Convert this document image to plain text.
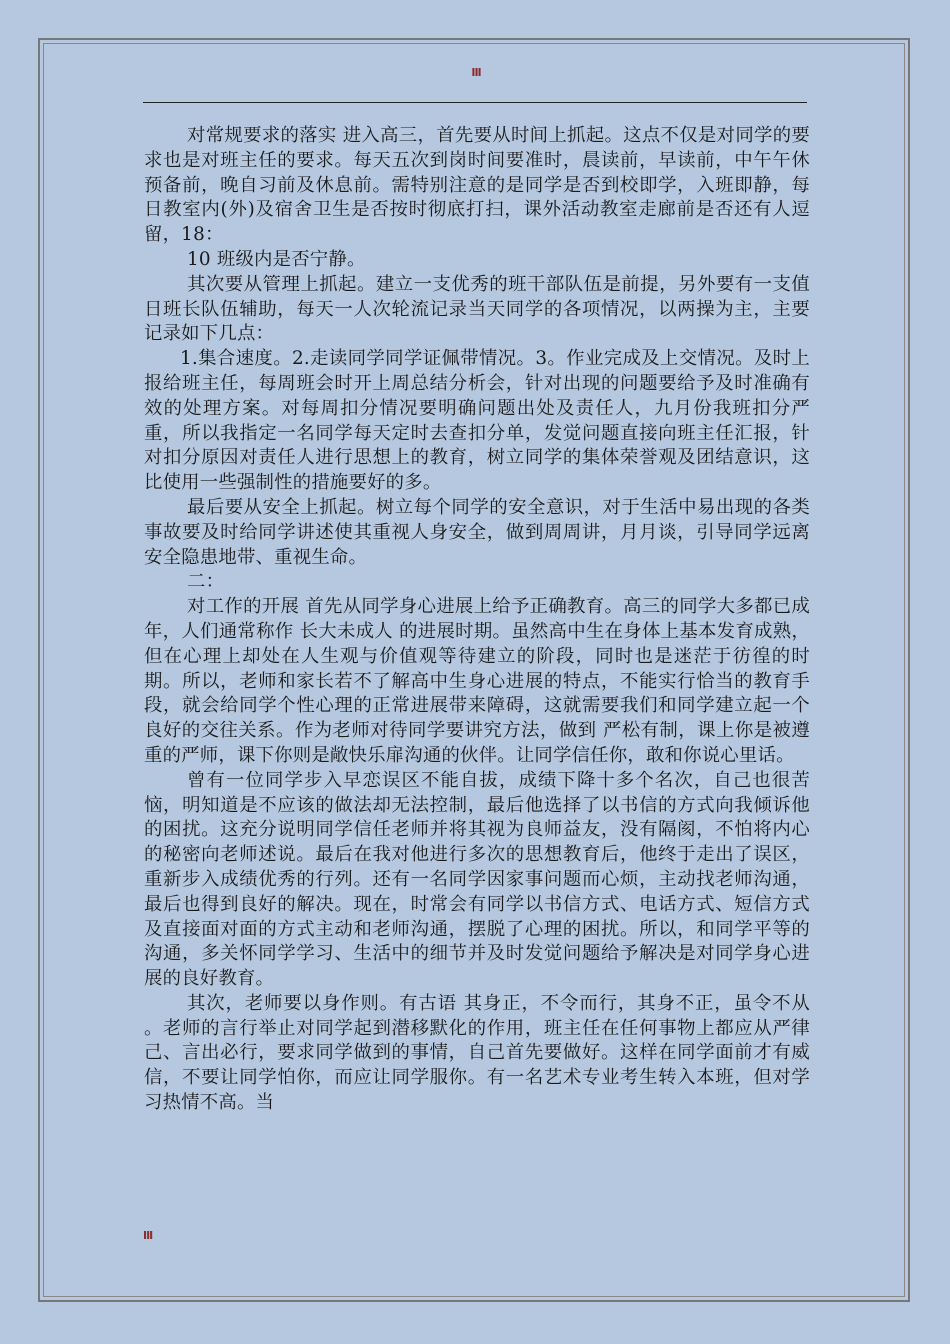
III

对常规要求的落实 进入高三，首先要从时间上抓起。这点不仅是对同学的要求也是对班主任的要求。每天五次到岗时间要准时，晨读前，早读前，中午午休预备前，晚自习前及休息前。需特别注意的是同学是否到校即学，入班即静，每日教室内(外)及宿舍卫生是否按时彻底打扫，课外活动教室走廊前是否还有人逗留，18：

10 班级内是否宁静。

其次要从管理上抓起。建立一支优秀的班干部队伍是前提，另外要有一支值日班长队伍辅助，每天一人次轮流记录当天同学的各项情况，以两操为主，主要记录如下几点：

1.集合速度。2.走读同学同学证佩带情况。3。作业完成及上交情况。及时上报给班主任，每周班会时开上周总结分析会，针对出现的问题要给予及时准确有效的处理方案。对每周扣分情况要明确问题出处及责任人，九月份我班扣分严重，所以我指定一名同学每天定时去查扣分单，发觉问题直接向班主任汇报，针对扣分原因对责任人进行思想上的教育，树立同学的集体荣誉观及团结意识，这比使用一些强制性的措施要好的多。

最后要从安全上抓起。树立每个同学的安全意识，对于生活中易出现的各类事故要及时给同学讲述使其重视人身安全，做到周周讲，月月谈，引导同学远离安全隐患地带、重视生命。

二：

对工作的开展 首先从同学身心进展上给予正确教育。高三的同学大多都已成年，人们通常称作 长大未成人 的进展时期。虽然高中生在身体上基本发育成熟，但在心理上却处在人生观与价值观等待建立的阶段，同时也是迷茫于彷徨的时期。所以，老师和家长若不了解高中生身心进展的特点，不能实行恰当的教育手段，就会给同学个性心理的正常进展带来障碍，这就需要我们和同学建立起一个良好的交往关系。作为老师对待同学要讲究方法，做到 严松有制，课上你是被遵重的严师，课下你则是敞快乐扉沟通的伙伴。让同学信任你，敢和你说心里话。

曾有一位同学步入早恋误区不能自拔，成绩下降十多个名次，自己也很苦恼，明知道是不应该的做法却无法控制，最后他选择了以书信的方式向我倾诉他的困扰。这充分说明同学信任老师并将其视为良师益友，没有隔阂，不怕将内心的秘密向老师述说。最后在我对他进行多次的思想教育后，他终于走出了误区，重新步入成绩优秀的行列。还有一名同学因家事问题而心烦，主动找老师沟通，最后也得到良好的解决。现在，时常会有同学以书信方式、电话方式、短信方式及直接面对面的方式主动和老师沟通，摆脱了心理的困扰。所以，和同学平等的沟通，多关怀同学学习、生活中的细节并及时发觉问题给予解决是对同学身心进展的良好教育。

其次，老师要以身作则。有古语 其身正，不令而行，其身不正，虽令不从 。老师的言行举止对同学起到潜移默化的作用，班主任在任何事物上都应从严律己、言出必行，要求同学做到的事情，自己首先要做好。这样在同学面前才有威信，不要让同学怕你，而应让同学服你。有一名艺术专业考生转入本班，但对学习热情不高。当

III
